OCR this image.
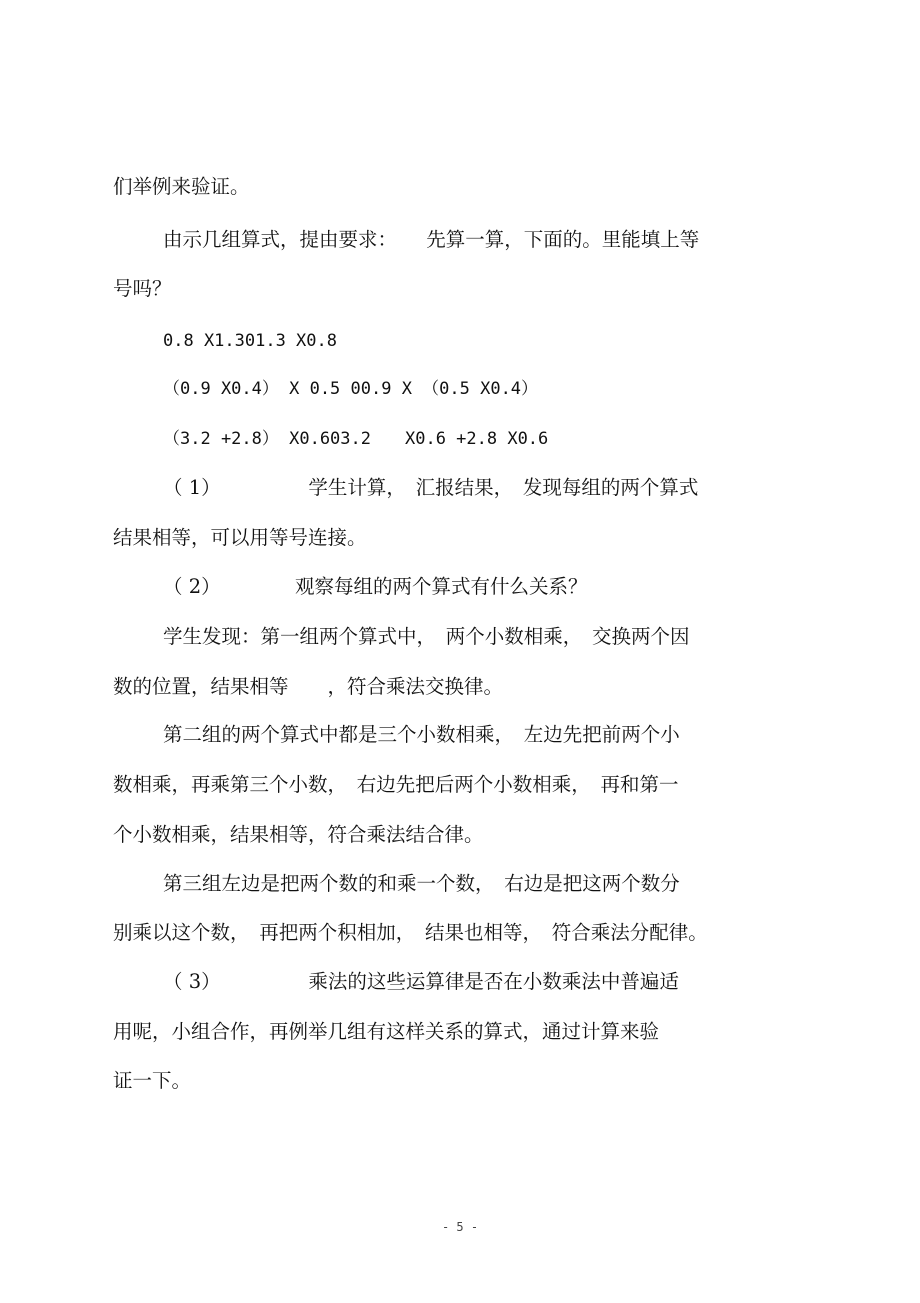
们举例来验证。
由示几组算式，提由要求：　　先算一算，下面的。里能填上等
号吗？
0.8 X1.301.3 X0.8
（0.9 X0.4） X 0.5 00.9 X （0.5 X0.4）
（3.2 +2.8） X0.603.2　　X0.6 +2.8 X0.6
（ 1）　　　　　学生计算，　汇报结果，　发现每组的两个算式
结果相等，可以用等号连接。
（ 2）　　　　 观察每组的两个算式有什么关系？
学生发现：第一组两个算式中，　两个小数相乘，　交换两个因
数的位置，结果相等　　，符合乘法交换律。
第二组的两个算式中都是三个小数相乘，　左边先把前两个小
数相乘，再乘第三个小数，　右边先把后两个小数相乘，　再和第一
个小数相乘，结果相等，符合乘法结合律。
第三组左边是把两个数的和乘一个数，　右边是把这两个数分
别乘以这个数，　再把两个积相加，　结果也相等，　符合乘法分配律。
（ 3）　　　　　乘法的这些运算律是否在小数乘法中普遍适
用呢，小组合作，再例举几组有这样关系的算式，通过计算来验
证一下。
- 5 -
